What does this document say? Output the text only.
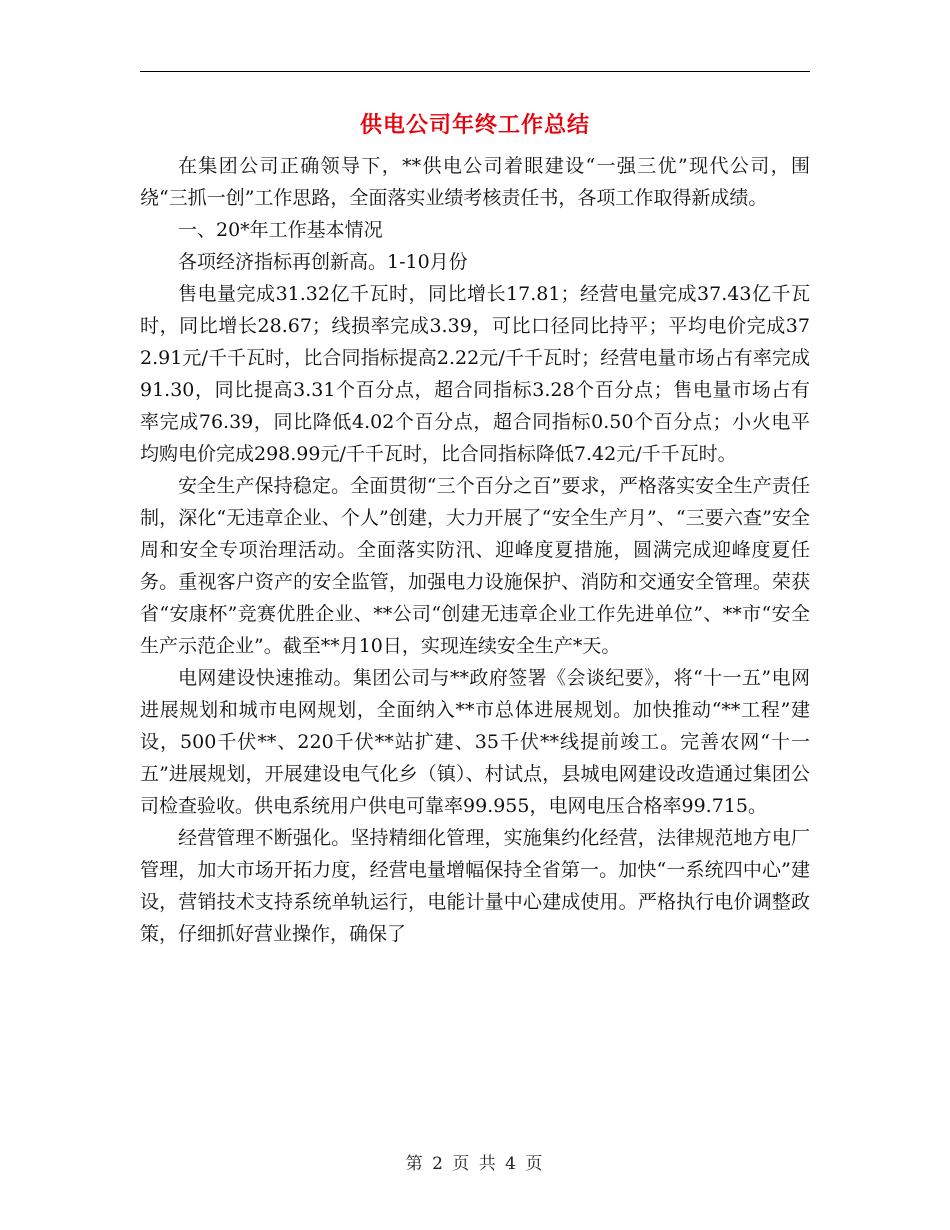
供电公司年终工作总结

在集团公司正确领导下，**供电公司着眼建设“一强三优”现代公司，围绕“三抓一创”工作思路，全面落实业绩考核责任书，各项工作取得新成绩。

一、20*年工作基本情况

各项经济指标再创新高。1-10月份

售电量完成31.32亿千瓦时，同比增长17.81；经营电量完成37.43亿千瓦时，同比增长28.67；线损率完成3.39，可比口径同比持平；平均电价完成372.91元/千千瓦时，比合同指标提高2.22元/千千瓦时；经营电量市场占有率完成91.30，同比提高3.31个百分点，超合同指标3.28个百分点；售电量市场占有率完成76.39，同比降低4.02个百分点，超合同指标0.50个百分点；小火电平均购电价完成298.99元/千千瓦时，比合同指标降低7.42元/千千瓦时。

安全生产保持稳定。全面贯彻“三个百分之百”要求，严格落实安全生产责任制，深化“无违章企业、个人”创建，大力开展了“安全生产月”、“三要六查”安全周和安全专项治理活动。全面落实防汛、迎峰度夏措施，圆满完成迎峰度夏任务。重视客户资产的安全监管，加强电力设施保护、消防和交通安全管理。荣获省“安康杯”竞赛优胜企业、**公司“创建无违章企业工作先进单位”、**市“安全生产示范企业”。截至**月10日，实现连续安全生产*天。

电网建设快速推动。集团公司与**政府签署《会谈纪要》，将“十一五”电网进展规划和城市电网规划，全面纳入**市总体进展规划。加快推动“**工程”建设，500千伏**、220千伏**站扩建、35千伏**线提前竣工。完善农网“十一五”进展规划，开展建设电气化乡（镇）、村试点，县城电网建设改造通过集团公司检查验收。供电系统用户供电可靠率99.955，电网电压合格率99.715。

经营管理不断强化。坚持精细化管理，实施集约化经营，法律规范地方电厂管理，加大市场开拓力度，经营电量增幅保持全省第一。加快“一系统四中心”建设，营销技术支持系统单轨运行，电能计量中心建成使用。严格执行电价调整政策，仔细抓好营业操作，确保了

第 2 页 共 4 页
